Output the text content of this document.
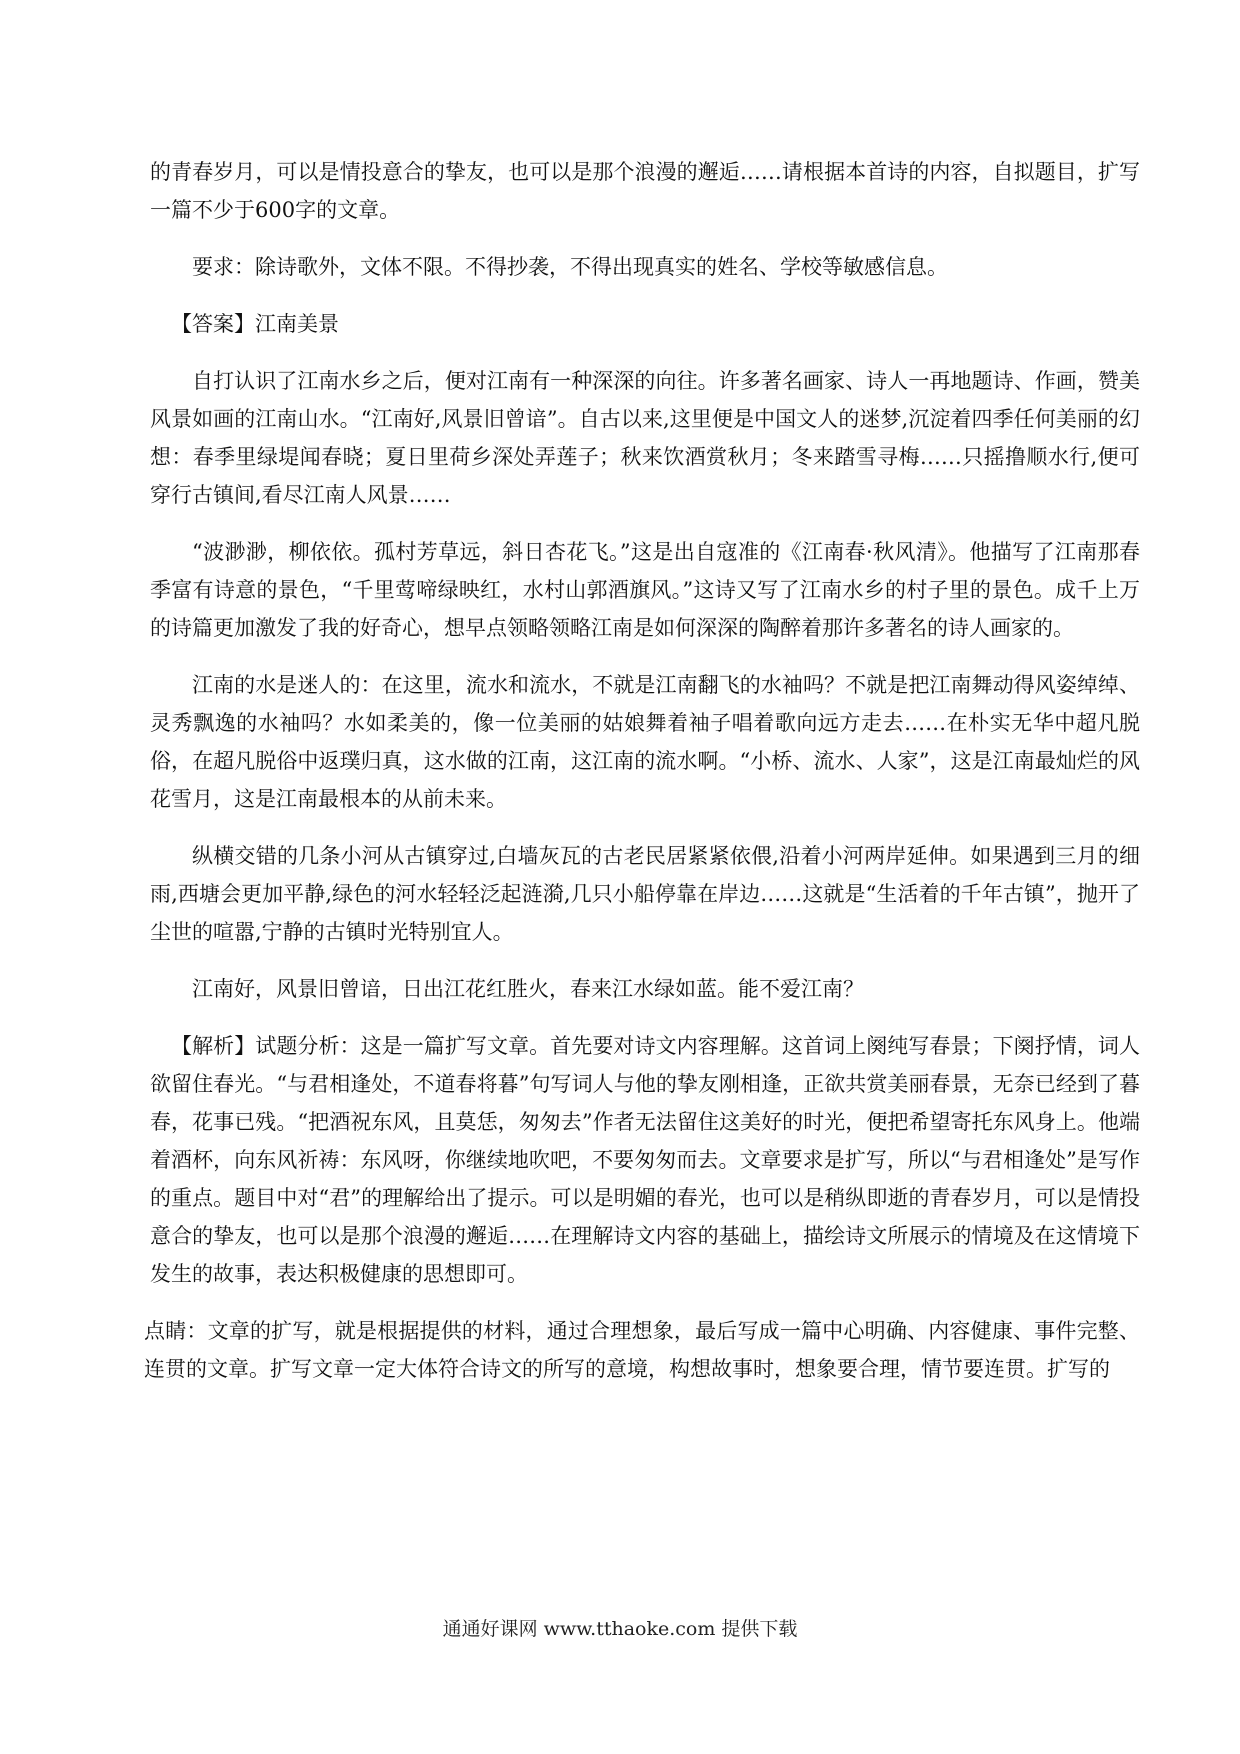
的青春岁月，可以是情投意合的挚友，也可以是那个浪漫的邂逅……请根据本首诗的内容，自拟题目，扩写一篇不少于600字的文章。

要求：除诗歌外，文体不限。不得抄袭，不得出现真实的姓名、学校等敏感信息。

【答案】江南美景

自打认识了江南水乡之后，便对江南有一种深深的向往。许多著名画家、诗人一再地题诗、作画，赞美风景如画的江南山水。“江南好,风景旧曾谙”。自古以来,这里便是中国文人的迷梦,沉淀着四季任何美丽的幻想：春季里绿堤闻春晓；夏日里荷乡深处弄莲子；秋来饮酒赏秋月；冬来踏雪寻梅……只摇撸顺水行,便可穿行古镇间,看尽江南人风景……

“波渺渺，柳依依。孤村芳草远，斜日杏花飞。”这是出自寇准的《江南春·秋风清》。他描写了江南那春季富有诗意的景色，“千里莺啼绿映红，水村山郭酒旗风。”这诗又写了江南水乡的村子里的景色。成千上万的诗篇更加激发了我的好奇心，想早点领略领略江南是如何深深的陶醉着那许多著名的诗人画家的。

江南的水是迷人的：在这里，流水和流水，不就是江南翻飞的水袖吗？不就是把江南舞动得风姿绰绰、灵秀飘逸的水袖吗？水如柔美的，像一位美丽的姑娘舞着袖子唱着歌向远方走去……在朴实无华中超凡脱俗，在超凡脱俗中返璞归真，这水做的江南，这江南的流水啊。“小桥、流水、人家”，这是江南最灿烂的风花雪月，这是江南最根本的从前未来。

纵横交错的几条小河从古镇穿过,白墙灰瓦的古老民居紧紧依偎,沿着小河两岸延伸。如果遇到三月的细雨,西塘会更加平静,绿色的河水轻轻泛起涟漪,几只小船停靠在岸边……这就是“生活着的千年古镇”，抛开了尘世的喧嚣,宁静的古镇时光特别宜人。

江南好，风景旧曾谙，日出江花红胜火，春来江水绿如蓝。能不爱江南？

【解析】试题分析：这是一篇扩写文章。首先要对诗文内容理解。这首词上阕纯写春景；下阕抒情，词人欲留住春光。“与君相逢处，不道春将暮”句写词人与他的挚友刚相逢，正欲共赏美丽春景，无奈已经到了暮春，花事已残。“把酒祝东风，且莫恁，匆匆去”作者无法留住这美好的时光，便把希望寄托东风身上。他端着酒杯，向东风祈祷：东风呀，你继续地吹吧，不要匆匆而去。文章要求是扩写，所以“与君相逢处”是写作的重点。题目中对“君”的理解给出了提示。可以是明媚的春光，也可以是稍纵即逝的青春岁月，可以是情投意合的挚友，也可以是那个浪漫的邂逅……在理解诗文内容的基础上，描绘诗文所展示的情境及在这情境下发生的故事，表达积极健康的思想即可。

点睛：文章的扩写，就是根据提供的材料，通过合理想象，最后写成一篇中心明确、内容健康、事件完整、连贯的文章。扩写文章一定大体符合诗文的所写的意境，构想故事时，想象要合理，情节要连贯。扩写的

通通好课网 www.tthaoke.com 提供下载
